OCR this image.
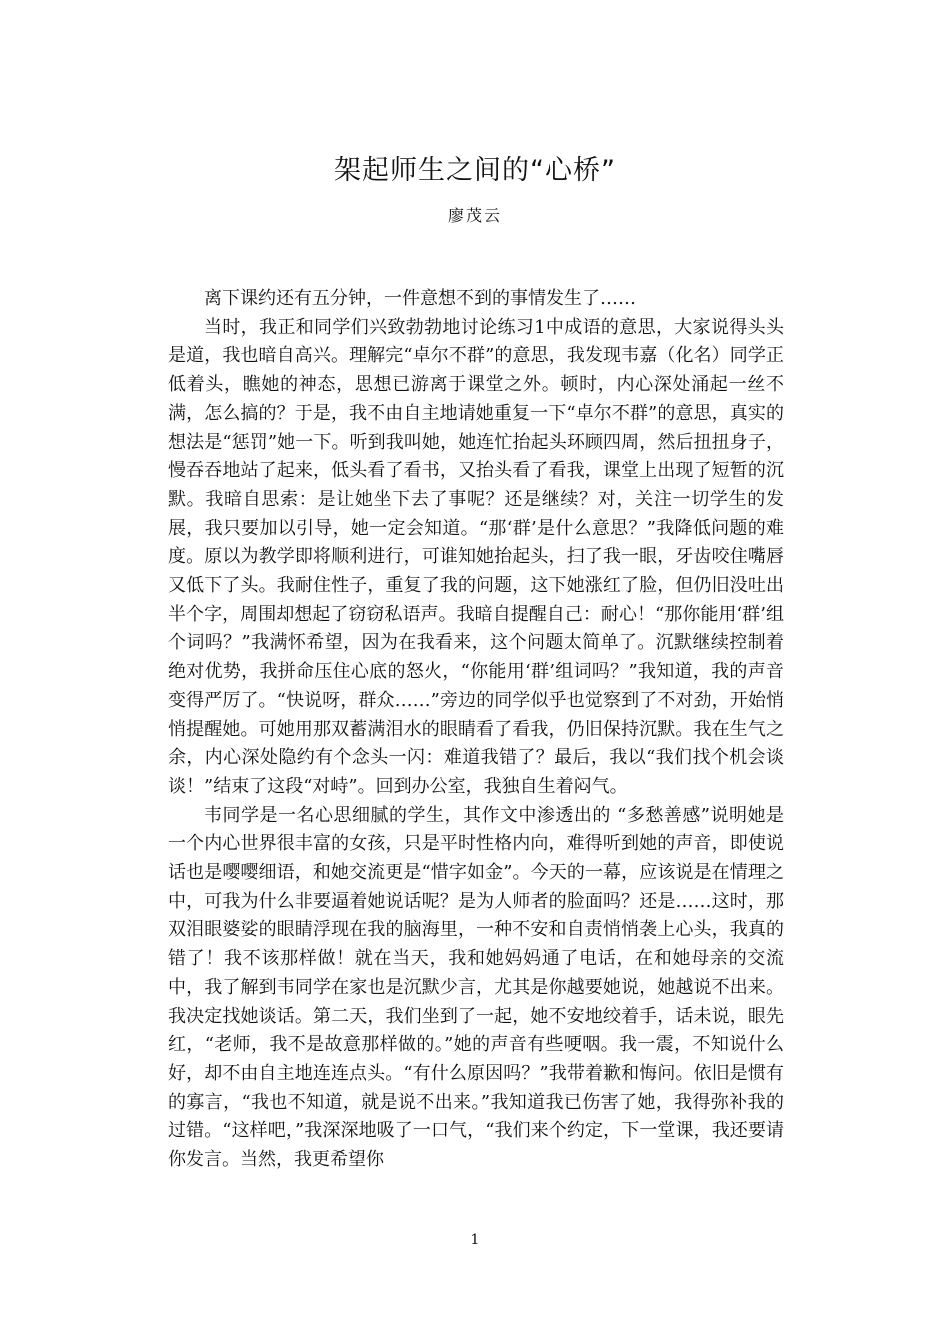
架起师生之间的“心桥”
廖茂云

离下课约还有五分钟，一件意想不到的事情发生了……

当时，我正和同学们兴致勃勃地讨论练习1中成语的意思，大家说得头头是道，我也暗自高兴。理解完“卓尔不群”的意思，我发现韦嘉（化名）同学正低着头，瞧她的神态，思想已游离于课堂之外。顿时，内心深处涌起一丝不满，怎么搞的？于是，我不由自主地请她重复一下“卓尔不群”的意思，真实的想法是“惩罚”她一下。听到我叫她，她连忙抬起头环顾四周，然后扭扭身子，慢吞吞地站了起来，低头看了看书，又抬头看了看我，课堂上出现了短暂的沉默。我暗自思索：是让她坐下去了事呢？还是继续？对，关注一切学生的发展，我只要加以引导，她一定会知道。“那‘群’是什么意思？”我降低问题的难度。原以为教学即将顺利进行，可谁知她抬起头，扫了我一眼，牙齿咬住嘴唇又低下了头。我耐住性子，重复了我的问题，这下她涨红了脸，但仍旧没吐出半个字，周围却想起了窃窃私语声。我暗自提醒自己：耐心！“那你能用‘群’组个词吗？”我满怀希望，因为在我看来，这个问题太简单了。沉默继续控制着绝对优势，我拼命压住心底的怒火，“你能用‘群’组词吗？”我知道，我的声音变得严厉了。“快说呀，群众……”旁边的同学似乎也觉察到了不对劲，开始悄悄提醒她。可她用那双蓄满泪水的眼睛看了看我，仍旧保持沉默。我在生气之余，内心深处隐约有个念头一闪：难道我错了？最后，我以“我们找个机会谈谈！”结束了这段“对峙”。回到办公室，我独自生着闷气。

韦同学是一名心思细腻的学生，其作文中渗透出的 “多愁善感”说明她是一个内心世界很丰富的女孩，只是平时性格内向，难得听到她的声音，即使说话也是嘤嘤细语，和她交流更是“惜字如金”。今天的一幕，应该说是在情理之中，可我为什么非要逼着她说话呢？是为人师者的脸面吗？还是……这时，那双泪眼婆娑的眼睛浮现在我的脑海里，一种不安和自责悄悄袭上心头，我真的错了！我不该那样做！就在当天，我和她妈妈通了电话，在和她母亲的交流中，我了解到韦同学在家也是沉默少言，尤其是你越要她说，她越说不出来。我决定找她谈话。第二天，我们坐到了一起，她不安地绞着手，话未说，眼先红，“老师，我不是故意那样做的。”她的声音有些哽咽。我一震，不知说什么好，却不由自主地连连点头。“有什么原因吗？”我带着歉和悔问。依旧是惯有的寡言，“我也不知道，就是说不出来。”我知道我已伤害了她，我得弥补我的过错。“这样吧，”我深深地吸了一口气，“我们来个约定，下一堂课，我还要请你发言。当然，我更希望你

1
